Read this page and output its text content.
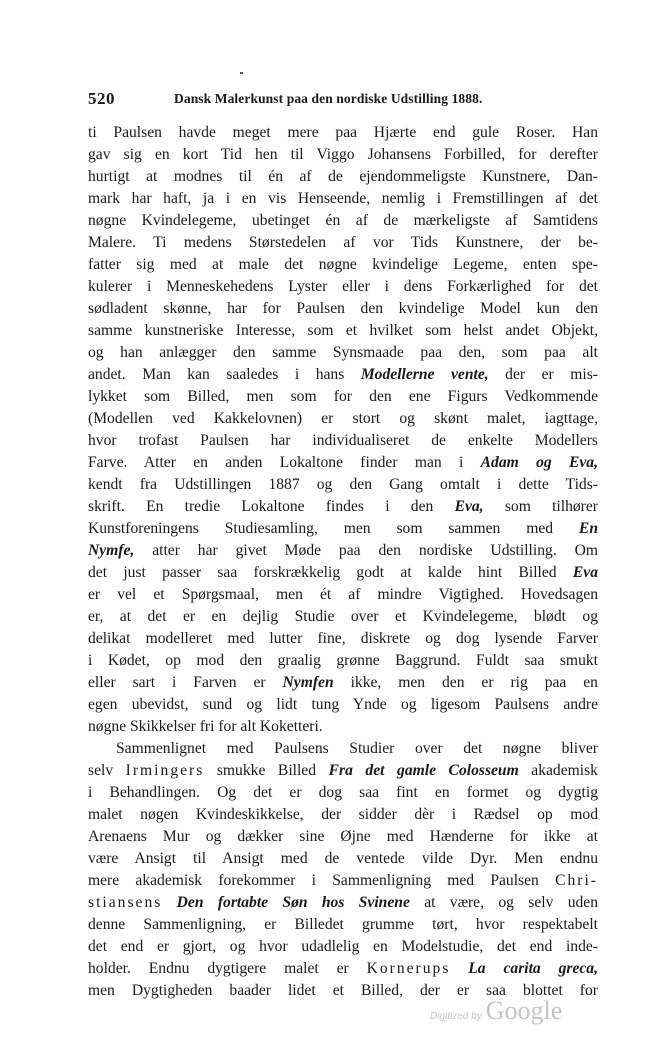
520	Dansk Malerkunst paa den nordiske Udstilling 1888.
ti Paulsen havde meget mere paa Hjærte end gule Roser. Han
gav sig en kort Tid hen til Viggo Johansens Forbilled, for derefter
hurtigt at modnes til én af de ejendommeligste Kunstnere, Dan-
mark har haft, ja i en vis Henseende, nemlig i Fremstillingen af det
nøgne Kvindelegeme, ubetinget én af de mærkeligste af Samtidens
Malere. Ti medens Størstedelen af vor Tids Kunstnere, der be-
fatter sig med at male det nøgne kvindelige Legeme, enten spe-
kulerer i Menneskehedens Lyster eller i dens Forkærlighed for det
sødladent skønne, har for Paulsen den kvindelige Model kun den
samme kunstneriske Interesse, som et hvilket som helst andet Objekt,
og han anlægger den samme Synsmaade paa den, som paa alt
andet. Man kan saaledes i hans Modellerne vente, der er mis-
lykket som Billed, men som for den ene Figurs Vedkommende
(Modellen ved Kakkelovnen) er stort og skønt malet, iagttage,
hvor trofast Paulsen har individualiseret de enkelte Modellers
Farve. Atter en anden Lokaltone finder man i Adam og Eva,
kendt fra Udstillingen 1887 og den Gang omtalt i dette Tids-
skrift. En tredie Lokaltone findes i den Eva, som tilhører
Kunstforeningens Studiesamling, men som sammen med En
Nymfe, atter har givet Møde paa den nordiske Udstilling. Om
det just passer saa forskrækkelig godt at kalde hint Billed Eva
er vel et Spørgsmaal, men ét af mindre Vigtighed. Hovedsagen
er, at det er en dejlig Studie over et Kvindelegeme, blødt og
delikat modelleret med lutter fine, diskrete og dog lysende Farver
i Kødet, op mod den graalig grønne Baggrund. Fuldt saa smukt
eller sart i Farven er Nymfen ikke, men den er rig paa en
egen ubevidst, sund og lidt tung Ynde og ligesom Paulsens andre
nøgne Skikkelser fri for alt Koketteri.
Sammenlignet med Paulsens Studier over det nøgne bliver
selv Irmingers smukke Billed Fra det gamle Colosseum akademisk
i Behandlingen. Og det er dog saa fint en formet og dygtig
malet nøgen Kvindeskikkelse, der sidder dèr i Rædsel op mod
Arenaens Mur og dækker sine Øjne med Hænderne for ikke at
være Ansigt til Ansigt med de ventede vilde Dyr. Men endnu
mere akademisk forekommer i Sammenligning med Paulsen Chri-
stiansens Den fortabte Søn hos Svinene at være, og selv uden
denne Sammenligning, er Billedet grumme tørt, hvor respektabelt
det end er gjort, og hvor udadlelig en Modelstudie, det end inde-
holder. Endnu dygtigere malet er Kornerups La carita greca,
men Dygtigheden baader lidet et Billed, der er saa blottet for
Digitized by Google
